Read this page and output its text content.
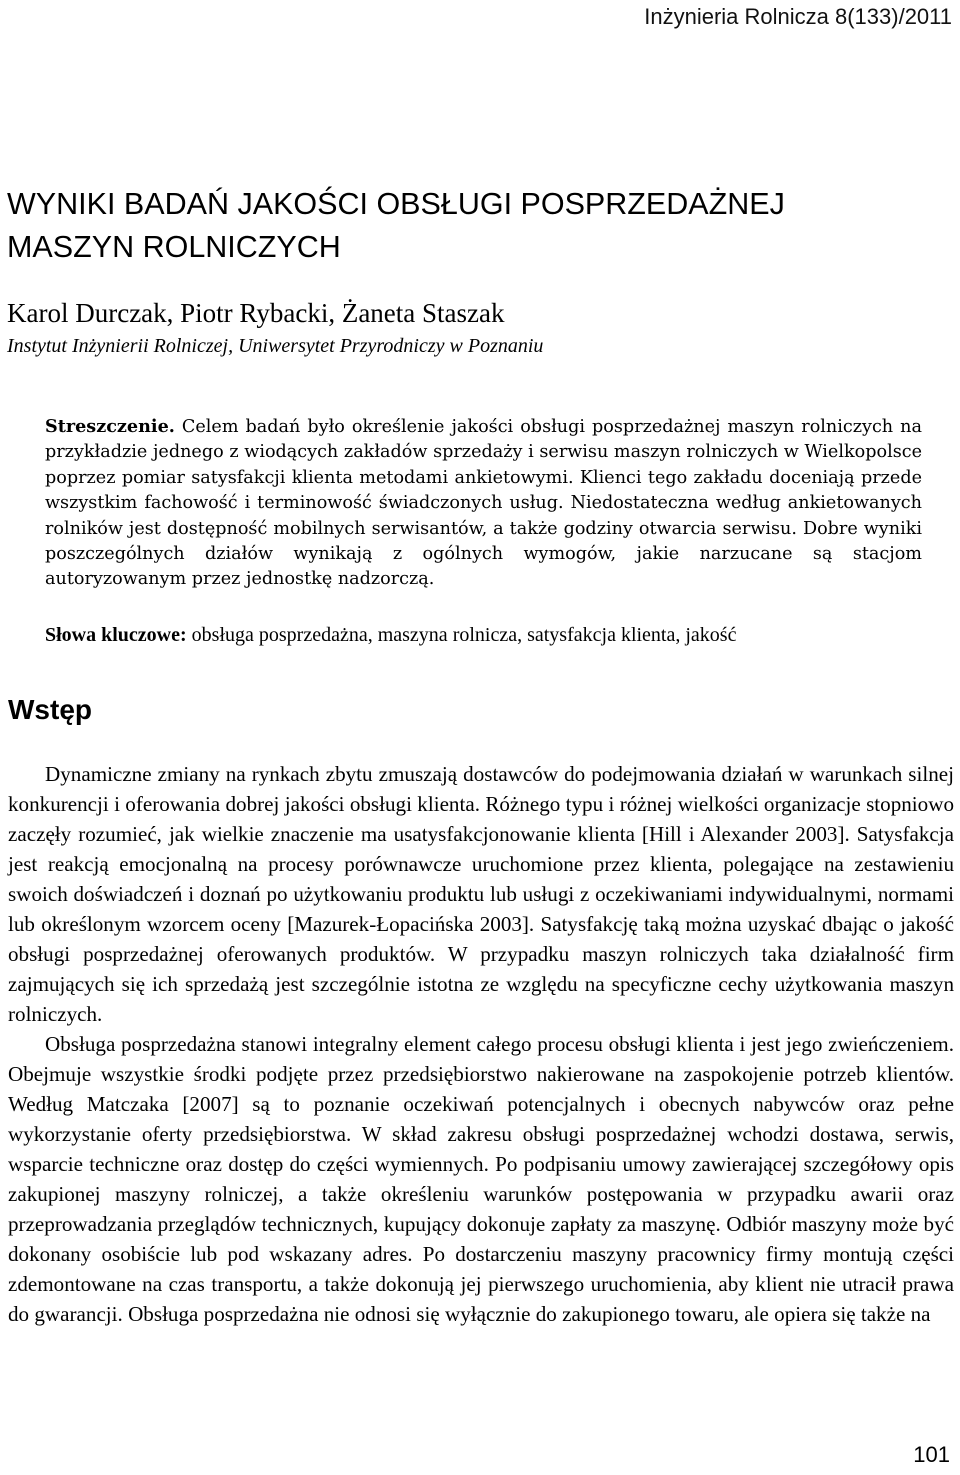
Inżynieria Rolnicza 8(133)/2011
WYNIKI BADAŃ JAKOŚCI OBSŁUGI POSPRZEDAŻNEJ
MASZYN ROLNICZYCH
Karol Durczak, Piotr Rybacki, Żaneta Staszak
Instytut Inżynierii Rolniczej, Uniwersytet Przyrodniczy w Poznaniu

Streszczenie. Celem badań było określenie jakości obsługi posprzedażnej maszyn rolniczych na przykładzie jednego z wiodących zakładów sprzedaży i serwisu maszyn rolniczych w Wielkopolsce poprzez pomiar satysfakcji klienta metodami ankietowymi. Klienci tego zakładu doceniają przede wszystkim fachowość i terminowość świadczonych usług. Niedostateczna według ankietowanych rolników jest dostępność mobilnych serwisantów, a także godziny otwarcia serwisu. Dobre wyniki poszczególnych działów wynikają z ogólnych wymogów, jakie narzucane są stacjom autoryzowanym przez jednostkę nadzorczą.

Słowa kluczowe: obsługa posprzedażna, maszyna rolnicza, satysfakcja klienta, jakość

Wstęp

Dynamiczne zmiany na rynkach zbytu zmuszają dostawców do podejmowania działań w warunkach silnej konkurencji i oferowania dobrej jakości obsługi klienta. Różnego typu i różnej wielkości organizacje stopniowo zaczęły rozumieć, jak wielkie znaczenie ma usatysfakcjonowanie klienta [Hill i Alexander 2003]. Satysfakcja jest reakcją emocjonalną na procesy porównawcze uruchomione przez klienta, polegające na zestawieniu swoich doświadczeń i doznań po użytkowaniu produktu lub usługi z oczekiwaniami indywidualnymi, normami lub określonym wzorcem oceny [Mazurek-Łopacińska 2003]. Satysfakcję taką można uzyskać dbając o jakość obsługi posprzedażnej oferowanych produktów. W przypadku maszyn rolniczych taka działalność firm zajmujących się ich sprzedażą jest szczególnie istotna ze względu na specyficzne cechy użytkowania maszyn rolniczych.

Obsługa posprzedażna stanowi integralny element całego procesu obsługi klienta i jest jego zwieńczeniem. Obejmuje wszystkie środki podjęte przez przedsiębiorstwo nakierowane na zaspokojenie potrzeb klientów. Według Matczaka [2007] są to poznanie oczekiwań potencjalnych i obecnych nabywców oraz pełne wykorzystanie oferty przedsiębiorstwa. W skład zakresu obsługi posprzedażnej wchodzi dostawa, serwis, wsparcie techniczne oraz dostęp do części wymiennych. Po podpisaniu umowy zawierającej szczegółowy opis zakupionej maszyny rolniczej, a także określeniu warunków postępowania w przypadku awarii oraz przeprowadzania przeglądów technicznych, kupujący dokonuje zapłaty za maszynę. Odbiór maszyny może być dokonany osobiście lub pod wskazany adres. Po dostarczeniu maszyny pracownicy firmy montują części zdemontowane na czas transportu, a także dokonują jej pierwszego uruchomienia, aby klient nie utracił prawa do gwarancji. Obsługa posprzedażna nie odnosi się wyłącznie do zakupionego towaru, ale opiera się także na

101
